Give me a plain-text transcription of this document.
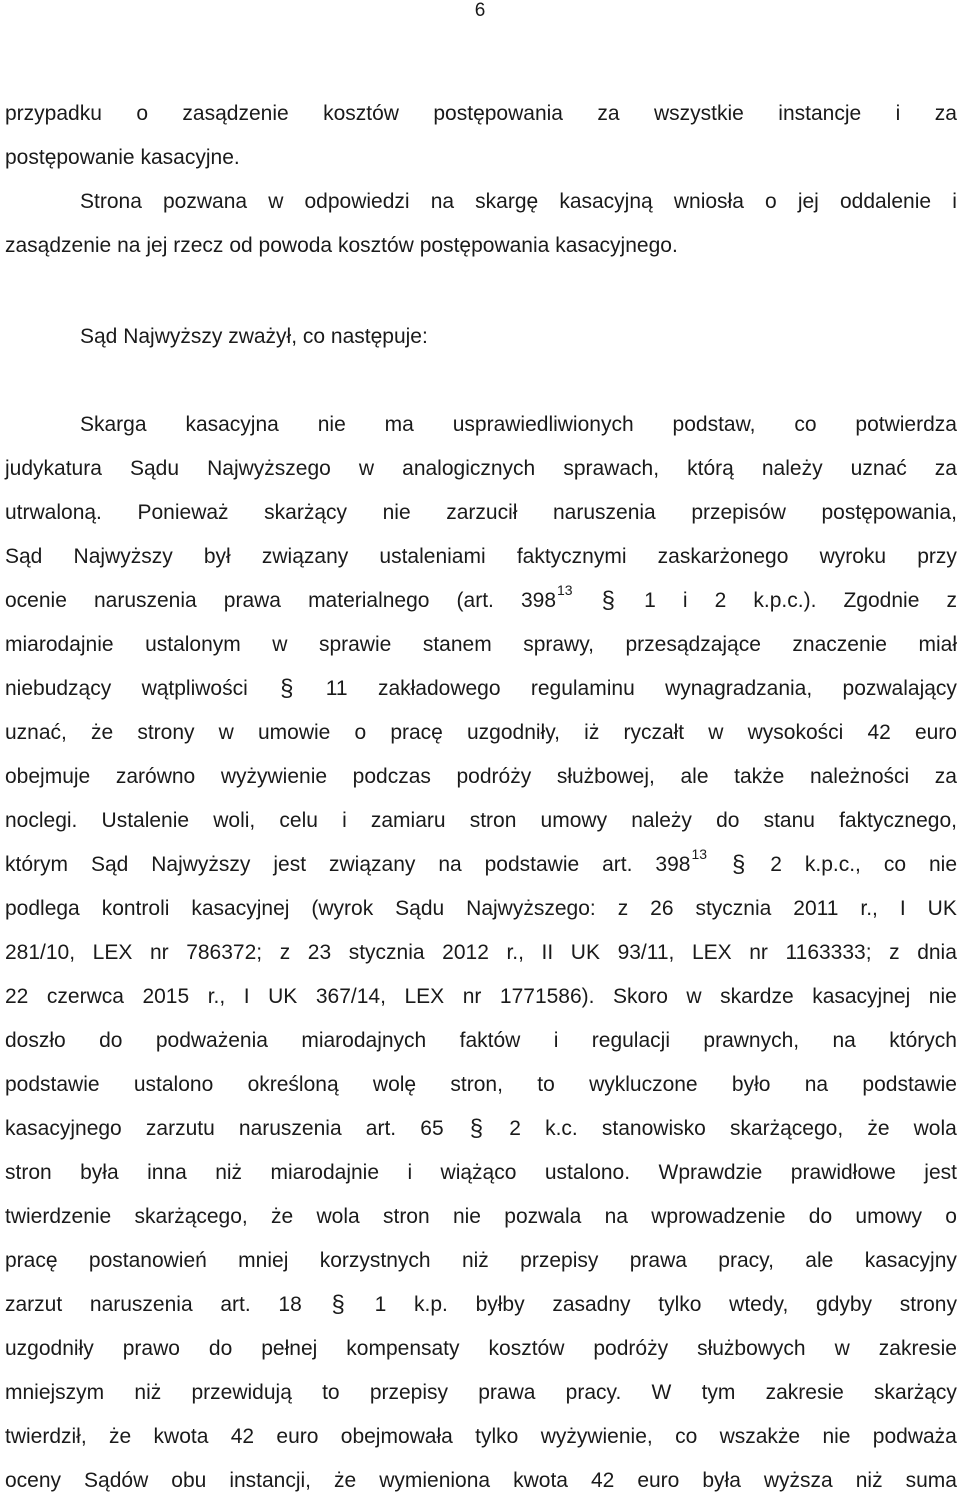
6
przypadku o zasądzenie kosztów postępowania za wszystkie instancje i za
postępowanie kasacyjne.
Strona pozwana w odpowiedzi na skargę kasacyjną wniosła o jej oddalenie i
zasądzenie na jej rzecz od powoda kosztów postępowania kasacyjnego.
Sąd Najwyższy zważył, co następuje:
Skarga kasacyjna nie ma usprawiedliwionych podstaw, co potwierdza
judykatura Sądu Najwyższego w analogicznych sprawach, którą należy uznać za
utrwaloną. Ponieważ skarżący nie zarzucił naruszenia przepisów postępowania,
Sąd Najwyższy był związany ustaleniami faktycznymi zaskarżonego wyroku przy
ocenie naruszenia prawa materialnego (art. $398^{13}$ § 1 i 2 k.p.c.). Zgodnie z
miarodajnie ustalonym w sprawie stanem sprawy, przesądzające znaczenie miał
niebudzący wątpliwości § 11 zakładowego regulaminu wynagradzania, pozwalający
uznać, że strony w umowie o pracę uzgodniły, iż ryczałt w wysokości 42 euro
obejmuje zarówno wyżywienie podczas podróży służbowej, ale także należności za
noclegi. Ustalenie woli, celu i zamiaru stron umowy należy do stanu faktycznego,
którym Sąd Najwyższy jest związany na podstawie art. $398^{13}$ § 2 k.p.c., co nie
podlega kontroli kasacyjnej (wyrok Sądu Najwyższego: z 26 stycznia 2011 r., I UK
281/10, LEX nr 786372; z 23 stycznia 2012 r., II UK 93/11, LEX nr 1163333; z dnia
22 czerwca 2015 r., I UK 367/14, LEX nr 1771586). Skoro w skardze kasacyjnej nie
doszło do podważenia miarodajnych faktów i regulacji prawnych, na których
podstawie ustalono określoną wolę stron, to wykluczone było na podstawie
kasacyjnego zarzutu naruszenia art. 65 § 2 k.c. stanowisko skarżącego, że wola
stron była inna niż miarodajnie i wiążąco ustalono. Wprawdzie prawidłowe jest
twierdzenie skarżącego, że wola stron nie pozwala na wprowadzenie do umowy o
pracę postanowień mniej korzystnych niż przepisy prawa pracy, ale kasacyjny
zarzut naruszenia art. 18 § 1 k.p. byłby zasadny tylko wtedy, gdyby strony
uzgodniły prawo do pełnej kompensaty kosztów podróży służbowych w zakresie
mniejszym niż przewidują to przepisy prawa pracy. W tym zakresie skarżący
twierdził, że kwota 42 euro obejmowała tylko wyżywienie, co wszakże nie podważa
oceny Sądów obu instancji, że wymieniona kwota 42 euro była wyższa niż suma
